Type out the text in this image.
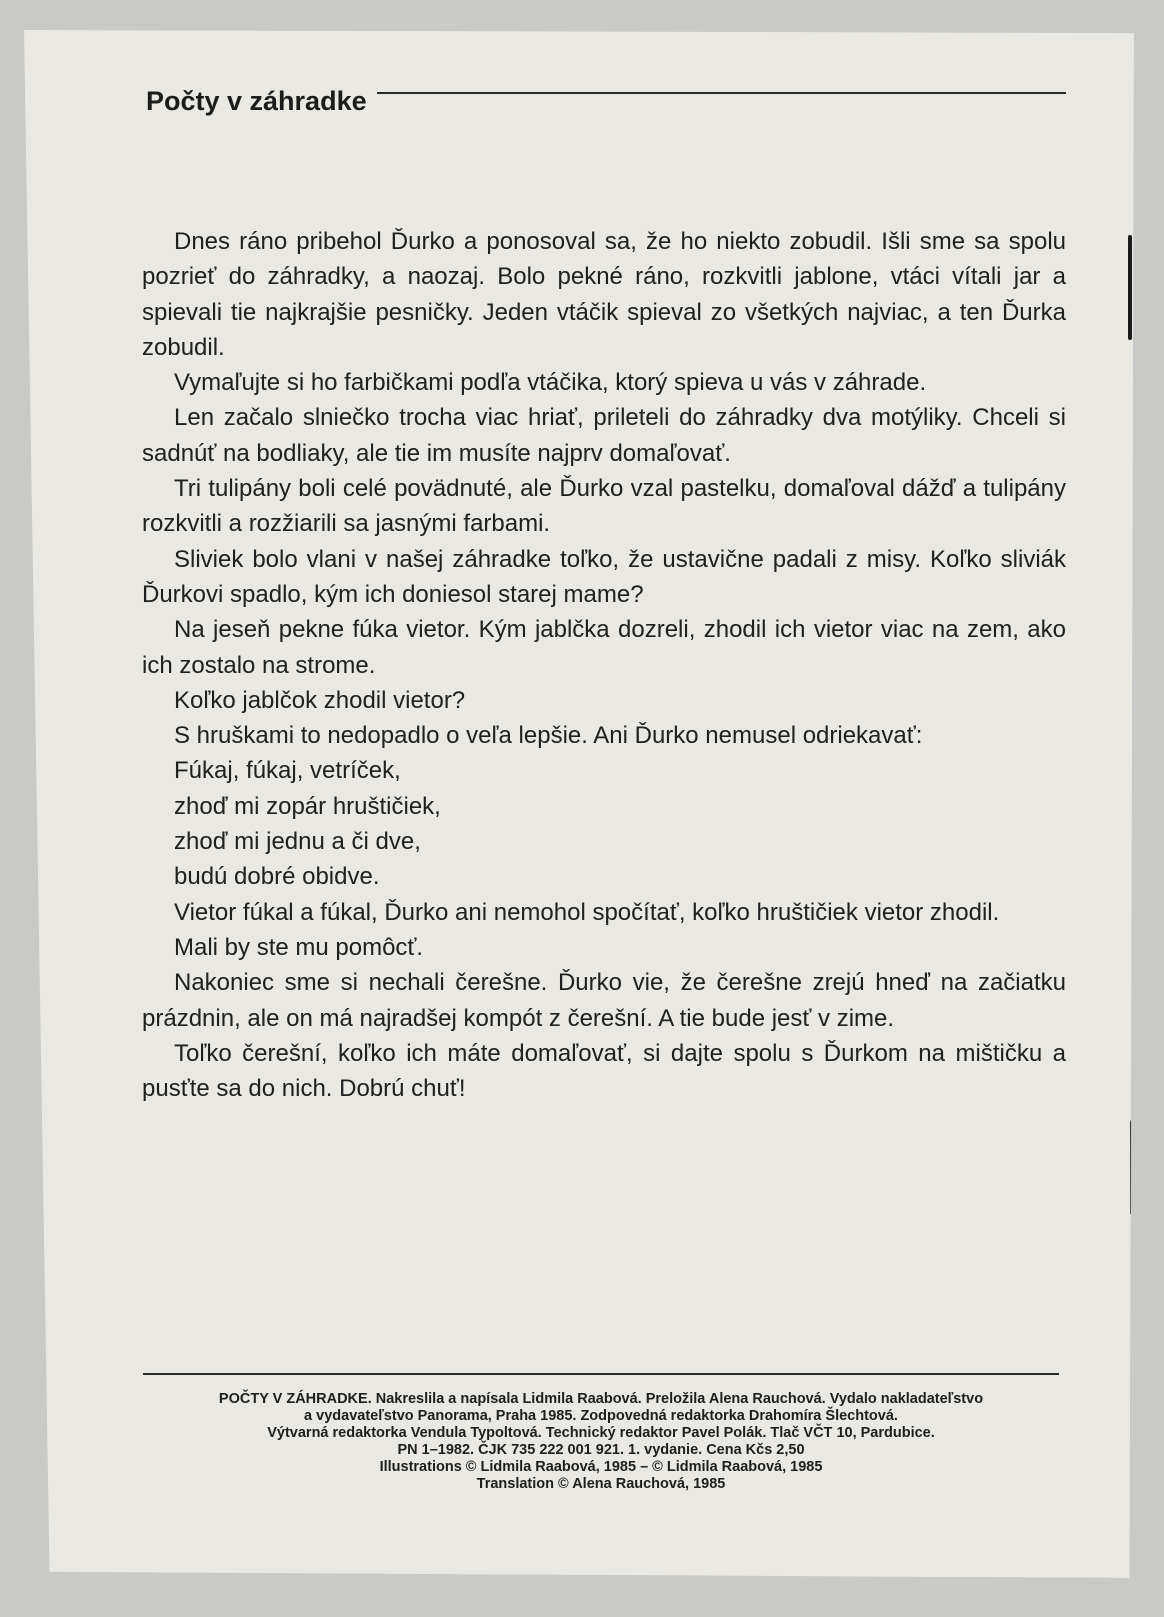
Počty v záhradke

Dnes ráno pribehol Ďurko a ponosoval sa, že ho niekto zobudil. Išli sme sa spolu pozrieť do záhradky, a naozaj. Bolo pekné ráno, rozkvitli jablone, vtáci vítali jar a spievali tie najkrajšie pesničky. Jeden vtáčik spieval zo všetkých najviac, a ten Ďurka zobudil.

Vymaľujte si ho farbičkami podľa vtáčika, ktorý spieva u vás v záhrade.

Len začalo slniečko trocha viac hriať, prileteli do záhradky dva motýliky. Chceli si sadnúť na bodliaky, ale tie im musíte najprv domaľovať.

Tri tulipány boli celé povädnuté, ale Ďurko vzal pastelku, domaľoval dážď a tulipány rozkvitli a rozžiarili sa jasnými farbami.

Sliviek bolo vlani v našej záhradke toľko, že ustavične padali z misy. Koľko sliviák Ďurkovi spadlo, kým ich doniesol starej mame?

Na jeseň pekne fúka vietor. Kým jablčka dozreli, zhodil ich vietor viac na zem, ako ich zostalo na strome.

Koľko jablčok zhodil vietor?

S hruškami to nedopadlo o veľa lepšie. Ani Ďurko nemusel odriekavať:

Fúkaj, fúkaj, vetríček,
zhoď mi zopár hruštičiek,
zhoď mi jednu a či dve,
budú dobré obidve.

Vietor fúkal a fúkal, Ďurko ani nemohol spočítať, koľko hruštičiek vietor zhodil.

Mali by ste mu pomôcť.

Nakoniec sme si nechali čerešne. Ďurko vie, že čerešne zrejú hneď na začiatku prázdnin, ale on má najradšej kompót z čerešní. A tie bude jesť v zime.

Toľko čerešní, koľko ich máte domaľovať, si dajte spolu s Ďurkom na mištičku a pusťte sa do nich. Dobrú chuť!

POČTY V ZÁHRADKE. Nakreslila a napísala Lidmila Raabová. Preložila Alena Rauchová. Vydalo nakladateľstvo
a vydavateľstvo Panorama, Praha 1985. Zodpovedná redaktorka Drahomíra Šlechtová.
Výtvarná redaktorka Vendula Typoltová. Technický redaktor Pavel Polák. Tlač VČT 10, Pardubice.
PN 1–1982. ČJK 735 222 001 921. 1. vydanie. Cena Kčs 2,50
Illustrations © Lidmila Raabová, 1985 – © Lidmila Raabová, 1985
Translation © Alena Rauchová, 1985
